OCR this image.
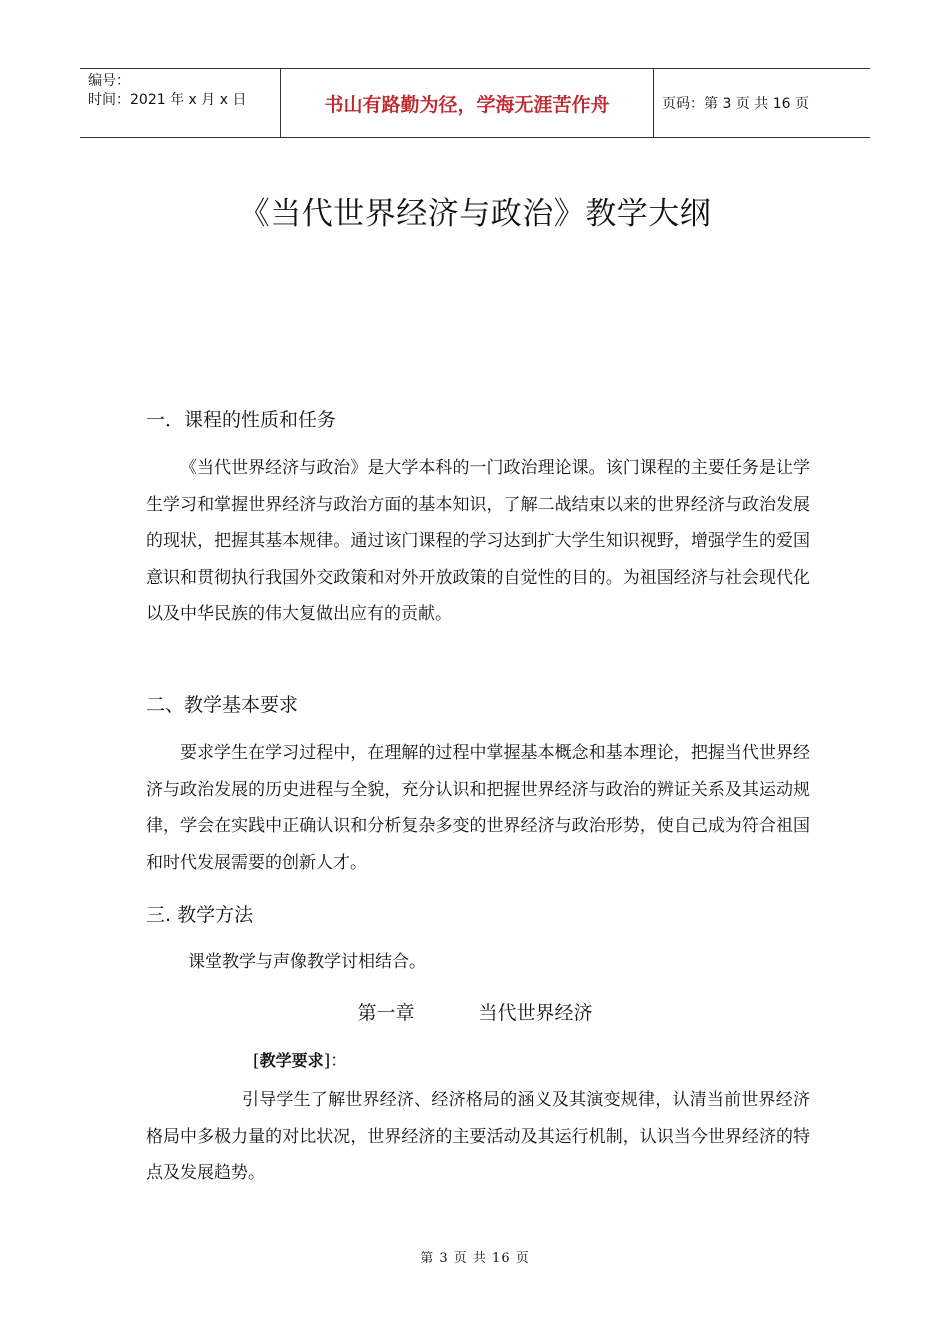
编号：
时间：2021 年 x 月 x 日	书山有路勤为径，学海无涯苦作舟	页码：第 3 页 共 16 页
《当代世界经济与政治》教学大纲
一．课程的性质和任务

《当代世界经济与政治》是大学本科的一门政治理论课。该门课程的主要任务是让学生学习和掌握世界经济与政治方面的基本知识，了解二战结束以来的世界经济与政治发展的现状，把握其基本规律。通过该门课程的学习达到扩大学生知识视野，增强学生的爱国意识和贯彻执行我国外交政策和对外开放政策的自觉性的目的。为祖国经济与社会现代化以及中华民族的伟大复做出应有的贡献。

二、教学基本要求

要求学生在学习过程中，在理解的过程中掌握基本概念和基本理论，把握当代世界经济与政治发展的历史进程与全貌，充分认识和把握世界经济与政治的辨证关系及其运动规律，学会在实践中正确认识和分析复杂多变的世界经济与政治形势，使自己成为符合祖国和时代发展需要的创新人才。

三. 教学方法

课堂教学与声像教学讨相结合。

第一章	当代世界经济

[教学要求]：

引导学生了解世界经济、经济格局的涵义及其演变规律，认清当前世界经济格局中多极力量的对比状况，世界经济的主要活动及其运行机制，认识当今世界经济的特点及发展趋势。

第 3 页 共 16 页
